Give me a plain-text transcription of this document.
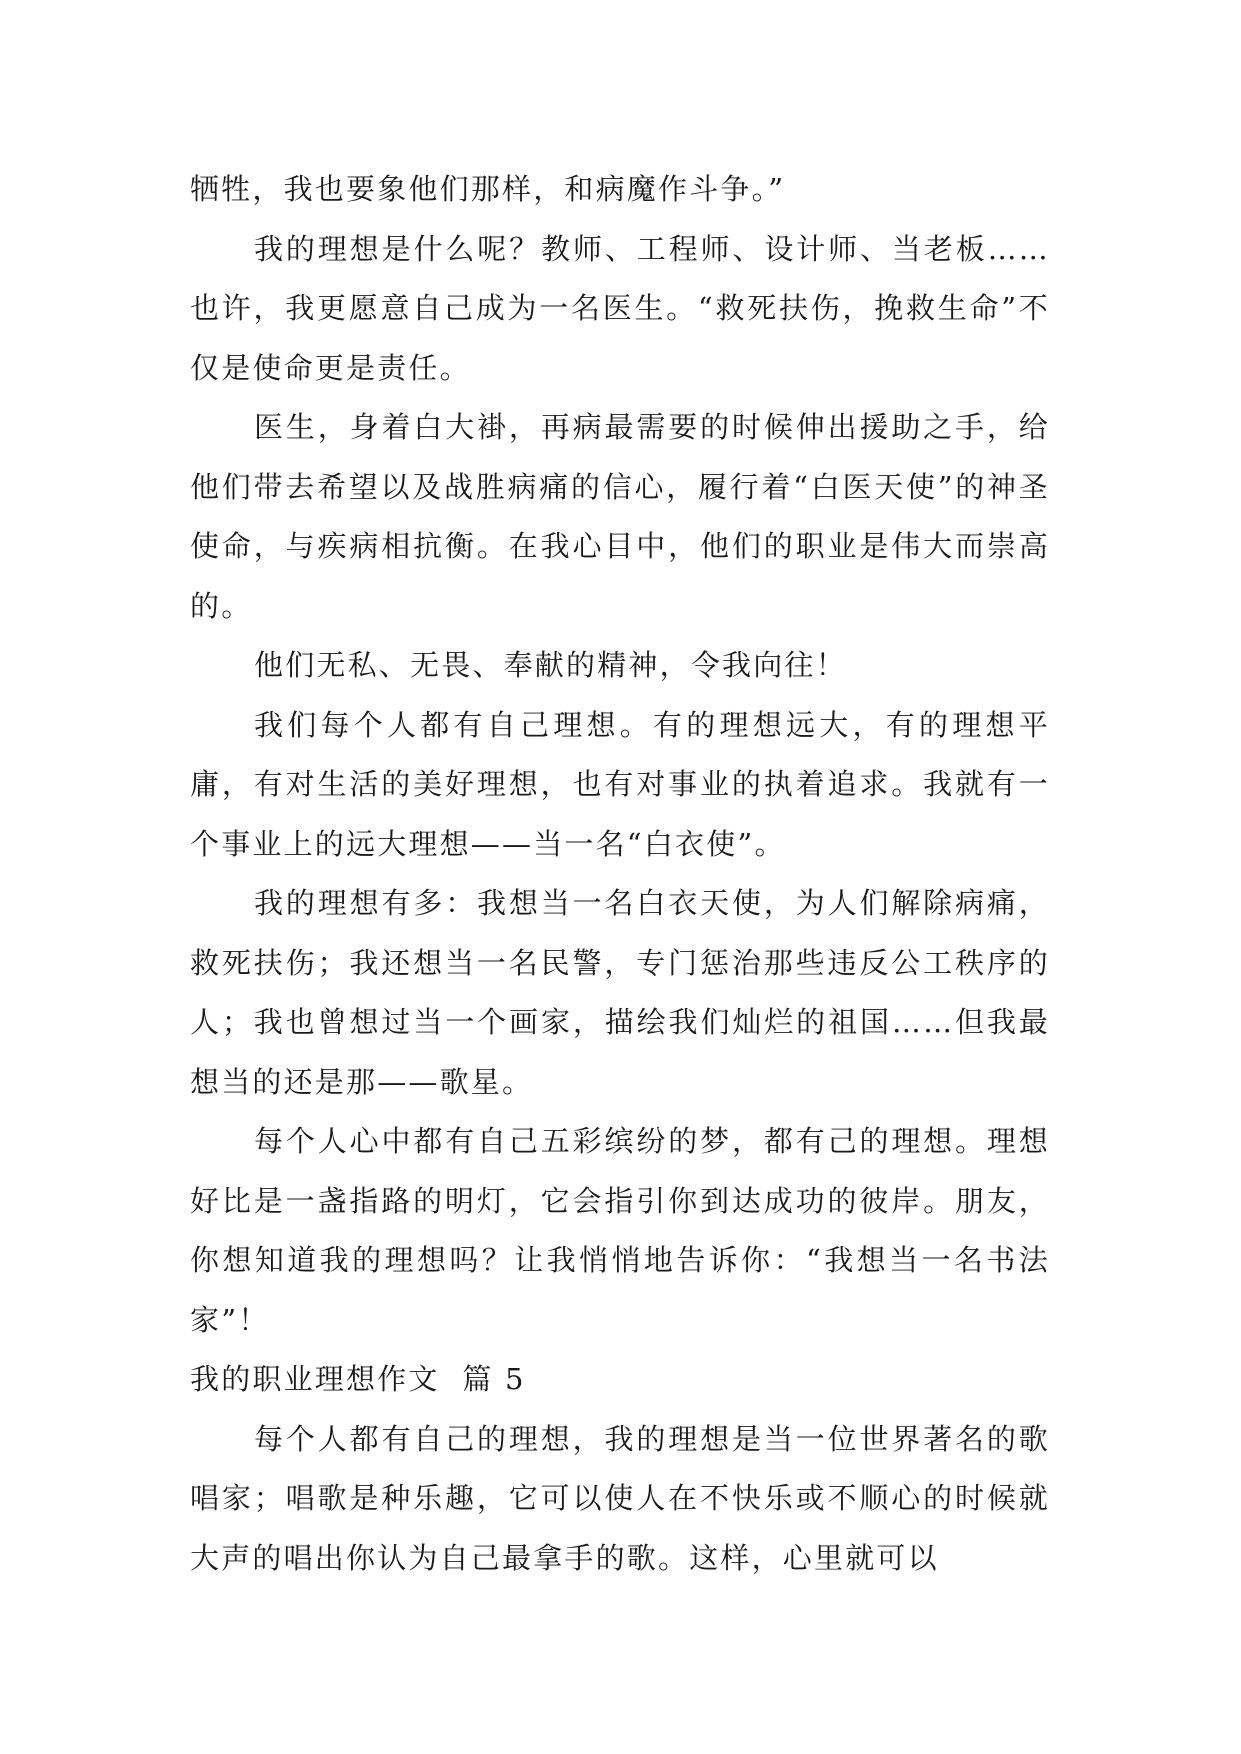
牺牲，我也要象他们那样，和病魔作斗争。”

我的理想是什么呢？教师、工程师、设计师、当老板……也许，我更愿意自己成为一名医生。“救死扶伤，挽救生命”不仅是使命更是责任。

医生，身着白大褂，再病最需要的时候伸出援助之手，给他们带去希望以及战胜病痛的信心，履行着“白医天使”的神圣使命，与疾病相抗衡。在我心目中，他们的职业是伟大而崇高的。

他们无私、无畏、奉献的精神，令我向往！

我们每个人都有自己理想。有的理想远大，有的理想平庸，有对生活的美好理想，也有对事业的执着追求。我就有一个事业上的远大理想——当一名“白衣使”。

我的理想有多：我想当一名白衣天使，为人们解除病痛，救死扶伤；我还想当一名民警，专门惩治那些违反公工秩序的人；我也曾想过当一个画家，描绘我们灿烂的祖国……但我最想当的还是那——歌星。

每个人心中都有自己五彩缤纷的梦，都有己的理想。理想好比是一盏指路的明灯，它会指引你到达成功的彼岸。朋友，你想知道我的理想吗？让我悄悄地告诉你：“我想当一名书法家”！

我的职业理想作文  篇 5

每个人都有自己的理想，我的理想是当一位世界著名的歌唱家；唱歌是种乐趣，它可以使人在不快乐或不顺心的时候就大声的唱出你认为自己最拿手的歌。这样，心里就可以
